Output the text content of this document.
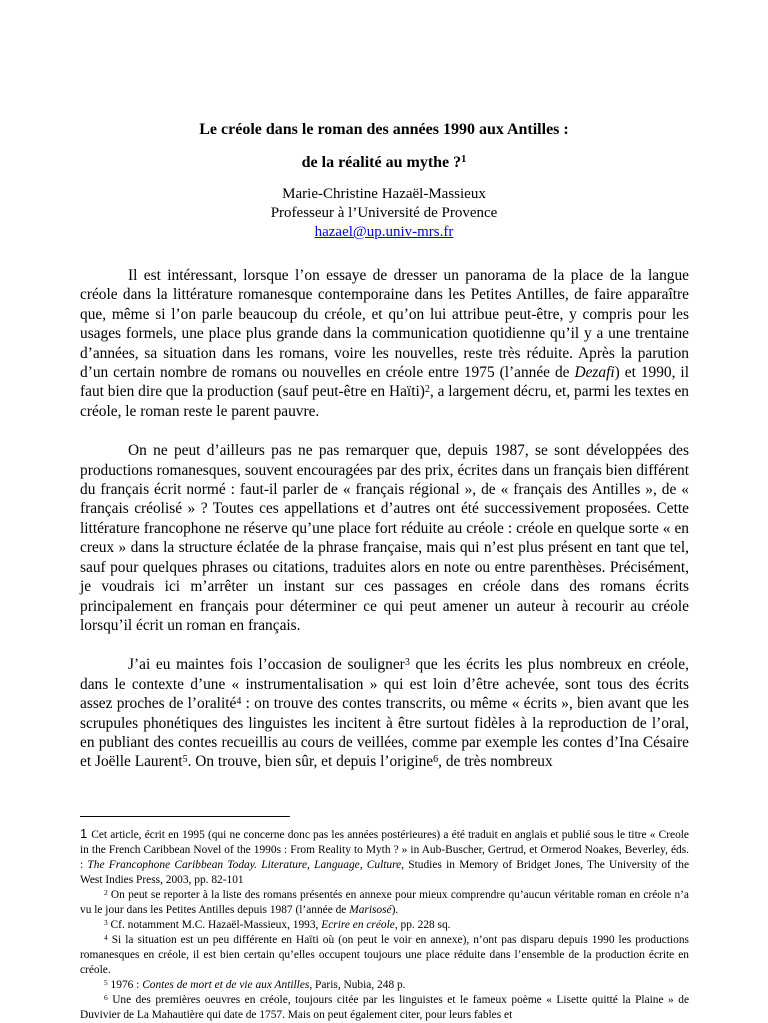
Le créole dans le roman des années 1990 aux Antilles :
de la réalité au mythe ?$^1$
Marie-Christine Hazaël-Massieux
Professeur à l’Université de Provence
hazael@up.univ-mrs.fr

Il est intéressant, lorsque l’on essaye de dresser un panorama de la place de la langue créole dans la littérature romanesque contemporaine dans les Petites Antilles, de faire apparaître que, même si l’on parle beaucoup du créole, et qu’on lui attribue peut-être, y compris pour les usages formels, une place plus grande dans la communication quotidienne qu’il y a une trentaine d’années, sa situation dans les romans, voire les nouvelles, reste très réduite. Après la parution d’un certain nombre de romans ou nouvelles en créole entre 1975 (l’année de Dezafi) et 1990, il faut bien dire que la production (sauf peut-être en Haïti)$^2$, a largement décru, et, parmi les textes en créole, le roman reste le parent pauvre.

On ne peut d’ailleurs pas ne pas remarquer que, depuis 1987, se sont développées des productions romanesques, souvent encouragées par des prix, écrites dans un français bien différent du français écrit normé : faut-il parler de « français régional », de « français des Antilles », de « français créolisé » ? Toutes ces appellations et d’autres ont été successivement proposées. Cette littérature francophone ne réserve qu’une place fort réduite au créole : créole en quelque sorte « en creux » dans la structure éclatée de la phrase française, mais qui n’est plus présent en tant que tel, sauf pour quelques phrases ou citations, traduites alors en note ou entre parenthèses. Précisément, je voudrais ici m’arrêter un instant sur ces passages en créole dans des romans écrits principalement en français pour déterminer ce qui peut amener un auteur à recourir au créole lorsqu’il écrit un roman en français.

J’ai eu maintes fois l’occasion de souligner$^3$ que les écrits les plus nombreux en créole, dans le contexte d’une « instrumentalisation » qui est loin d’être achevée, sont tous des écrits assez proches de l’oralité$^4$ : on trouve des contes transcrits, ou même « écrits », bien avant que les scrupules phonétiques des linguistes les incitent à être surtout fidèles à la reproduction de l’oral, en publiant des contes recueillis au cours de veillées, comme par exemple les contes d’Ina Césaire et Joëlle Laurent$^5$. On trouve, bien sûr, et depuis l’origine$^6$, de très nombreux

1 Cet article, écrit en 1995 (qui ne concerne donc pas les années postérieures) a été traduit en anglais et publié sous le titre « Creole in the French Caribbean Novel of the 1990s : From Reality to Myth ? » in Aub-Buscher, Gertrud, et Ormerod Noakes, Beverley, éds. : The Francophone Caribbean Today. Literature, Language, Culture, Studies in Memory of Bridget Jones, The University of the West Indies Press, 2003, pp. 82-101

$^2$ On peut se reporter à la liste des romans présentés en annexe pour mieux comprendre qu’aucun véritable roman en créole n’a vu le jour dans les Petites Antilles depuis 1987 (l’année de Marisosé).

$^3$ Cf. notamment M.C. Hazaël-Massieux, 1993, Ecrire en créole, pp. 228 sq.

$^4$ Si la situation est un peu différente en Haïti où (on peut le voir en annexe), n’ont pas disparu depuis 1990 les productions romanesques en créole, il est bien certain qu’elles occupent toujours une place réduite dans l’ensemble de la production écrite en créole.

$^5$ 1976 : Contes de mort et de vie aux Antilles, Paris, Nubia, 248 p.

$^6$ Une des premières oeuvres en créole, toujours citée par les linguistes et le fameux poème « Lisette quitté la Plaine » de Duvivier de La Mahautière qui date de 1757. Mais on peut également citer, pour leurs fables et
